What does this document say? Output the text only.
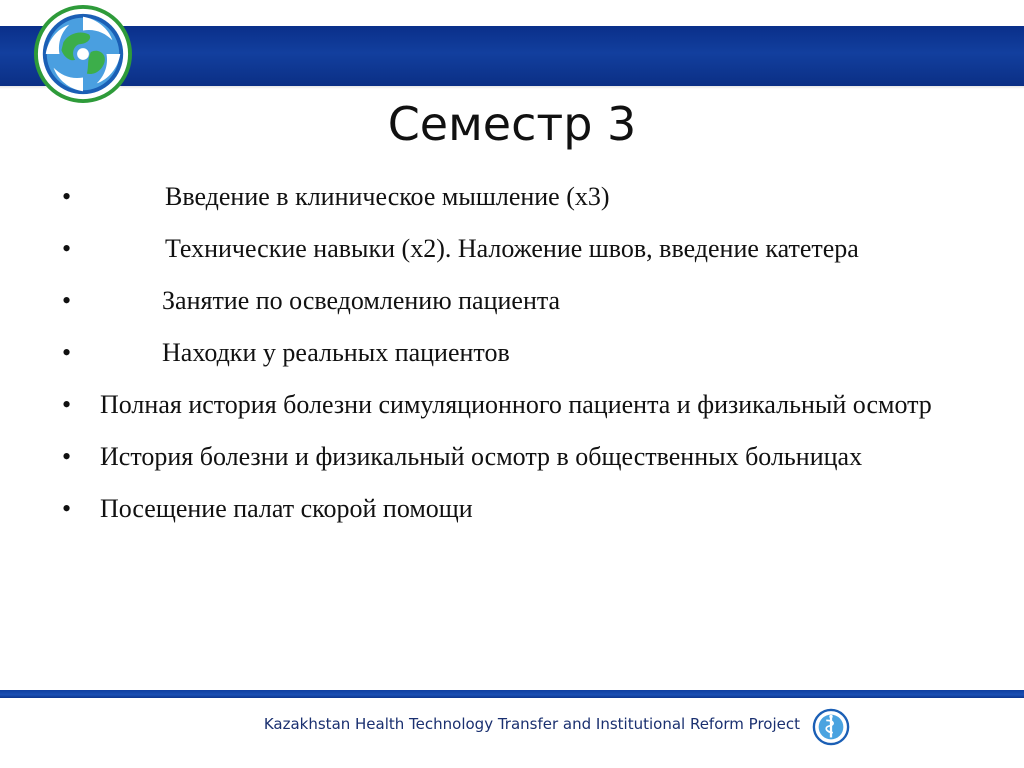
Семестр 3
•	Введение в клиническое мышление (х3)
•	Технические навыки (х2). Наложение швов, введение катетера
•	Занятие по осведомлению пациента
•	Находки у реальных пациентов
• Полная история болезни симуляционного пациента и физикальный осмотр
• История болезни и физикальный осмотр в общественных больницах
• Посещение палат скорой помощи
Kazakhstan Health Technology Transfer and Institutional Reform Project
